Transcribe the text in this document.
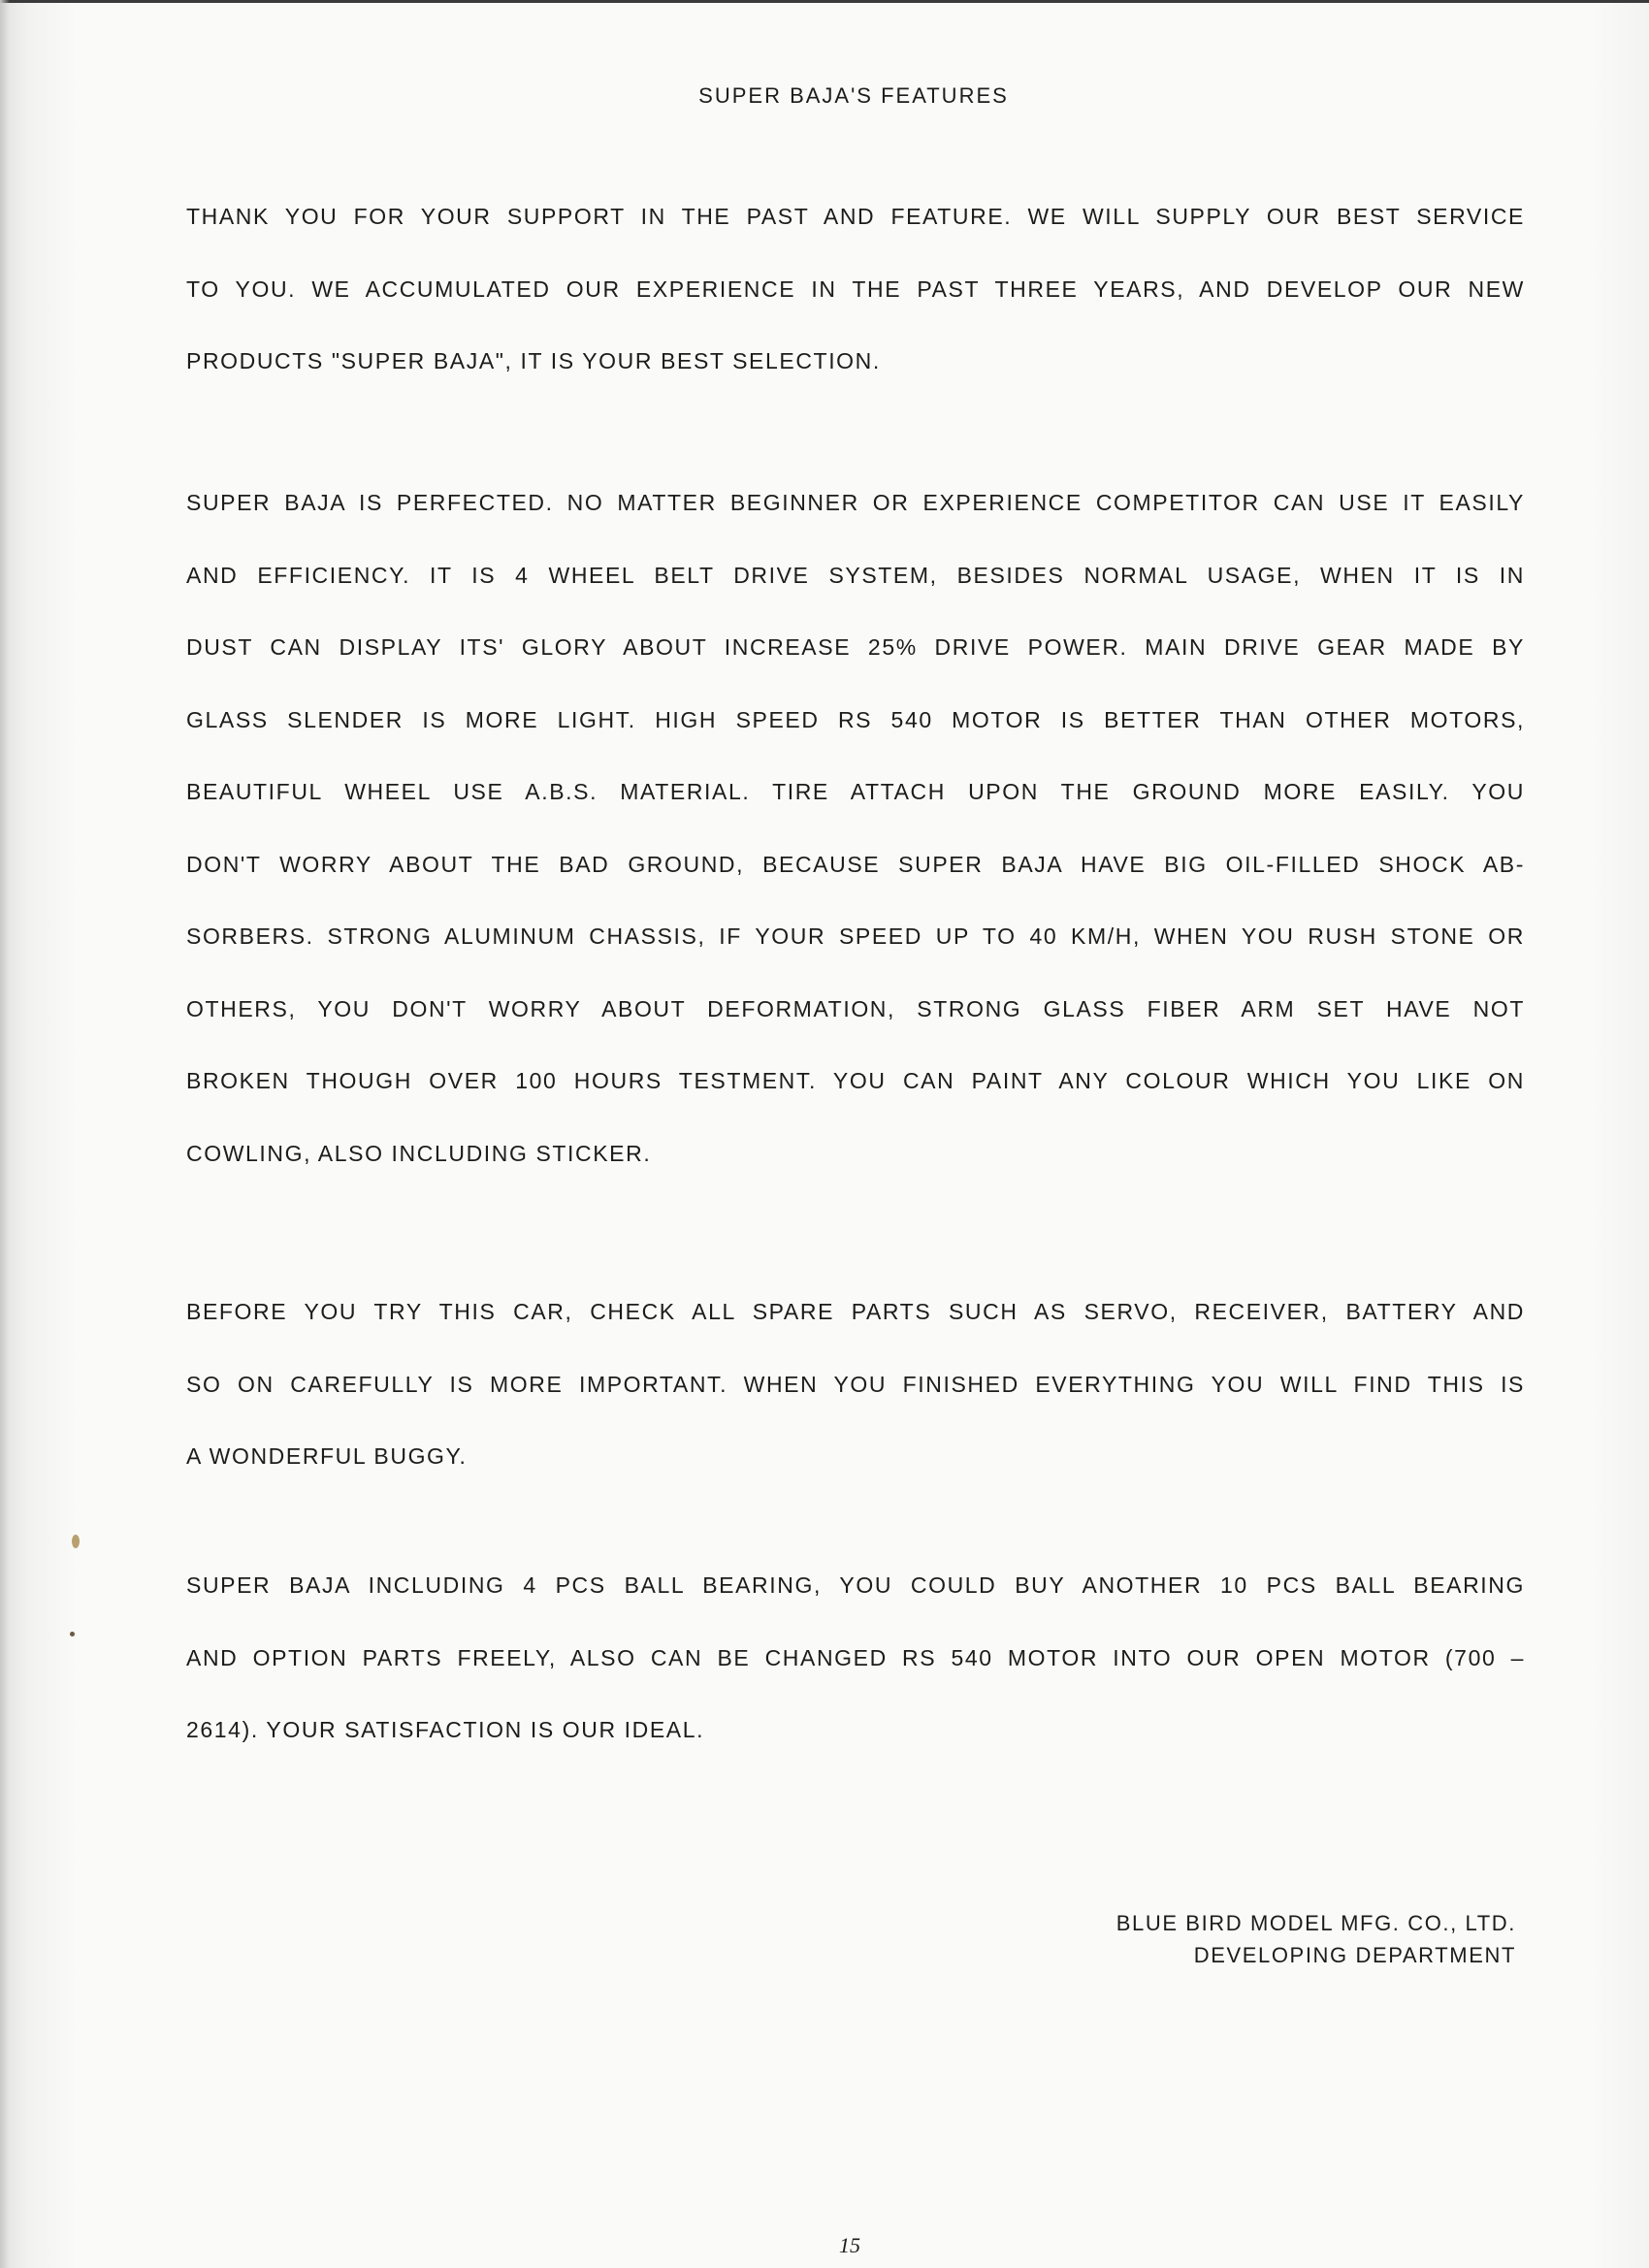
SUPER BAJA'S FEATURES
THANK YOU FOR YOUR SUPPORT IN THE PAST AND FEATURE. WE WILL SUPPLY OUR BEST SERVICE
TO YOU. WE ACCUMULATED OUR EXPERIENCE IN THE PAST THREE YEARS, AND DEVELOP OUR NEW
PRODUCTS "SUPER BAJA", IT IS YOUR BEST SELECTION.
SUPER BAJA IS PERFECTED. NO MATTER BEGINNER OR EXPERIENCE COMPETITOR CAN USE IT EASILY
AND EFFICIENCY. IT IS 4 WHEEL BELT DRIVE SYSTEM, BESIDES NORMAL USAGE, WHEN IT IS IN
DUST CAN DISPLAY ITS' GLORY ABOUT INCREASE 25% DRIVE POWER. MAIN DRIVE GEAR MADE BY
GLASS SLENDER IS MORE LIGHT. HIGH SPEED RS 540 MOTOR IS BETTER THAN OTHER MOTORS,
BEAUTIFUL WHEEL USE A.B.S. MATERIAL. TIRE ATTACH UPON THE GROUND MORE EASILY. YOU
DON'T WORRY ABOUT THE BAD GROUND, BECAUSE SUPER BAJA HAVE BIG OIL-FILLED SHOCK AB-
SORBERS. STRONG ALUMINUM CHASSIS, IF YOUR SPEED UP TO 40 KM/H, WHEN YOU RUSH STONE OR
OTHERS, YOU DON'T WORRY ABOUT DEFORMATION, STRONG GLASS FIBER ARM SET HAVE NOT
BROKEN THOUGH OVER 100 HOURS TESTMENT. YOU CAN PAINT ANY COLOUR WHICH YOU LIKE ON
COWLING, ALSO INCLUDING STICKER.
BEFORE YOU TRY THIS CAR, CHECK ALL SPARE PARTS SUCH AS SERVO, RECEIVER, BATTERY AND
SO ON CAREFULLY IS MORE IMPORTANT. WHEN YOU FINISHED EVERYTHING YOU WILL FIND THIS IS
A WONDERFUL BUGGY.
SUPER BAJA INCLUDING 4 PCS BALL BEARING, YOU COULD BUY ANOTHER 10 PCS BALL BEARING
AND OPTION PARTS FREELY, ALSO CAN BE CHANGED RS 540 MOTOR INTO OUR OPEN MOTOR (700 –
2614). YOUR SATISFACTION IS OUR IDEAL.
BLUE BIRD MODEL MFG. CO., LTD.
DEVELOPING DEPARTMENT
15
